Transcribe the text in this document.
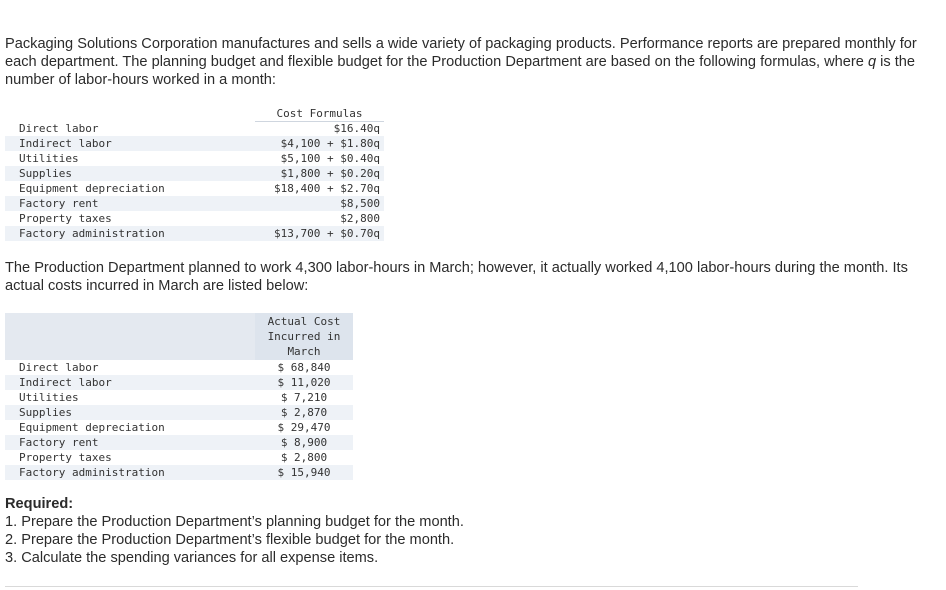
Packaging Solutions Corporation manufactures and sells a wide variety of packaging products. Performance reports are prepared monthly for each department. The planning budget and flexible budget for the Production Department are based on the following formulas, where q is the number of labor-hours worked in a month:

Cost Formulas
Direct labor	$16.40q
Indirect labor	$4,100 + $1.80q
Utilities	$5,100 + $0.40q
Supplies	$1,800 + $0.20q
Equipment depreciation	$18,400 + $2.70q
Factory rent	$8,500
Property taxes	$2,800
Factory administration	$13,700 + $0.70q

The Production Department planned to work 4,300 labor-hours in March; however, it actually worked 4,100 labor-hours during the month. Its actual costs incurred in March are listed below:

Actual Cost
Incurred in
March
Direct labor	$ 68,840
Indirect labor	$ 11,020
Utilities	$ 7,210
Supplies	$ 2,870
Equipment depreciation	$ 29,470
Factory rent	$ 8,900
Property taxes	$ 2,800
Factory administration	$ 15,940
Required:
1. Prepare the Production Department’s planning budget for the month.
2. Prepare the Production Department’s flexible budget for the month.
3. Calculate the spending variances for all expense items.
